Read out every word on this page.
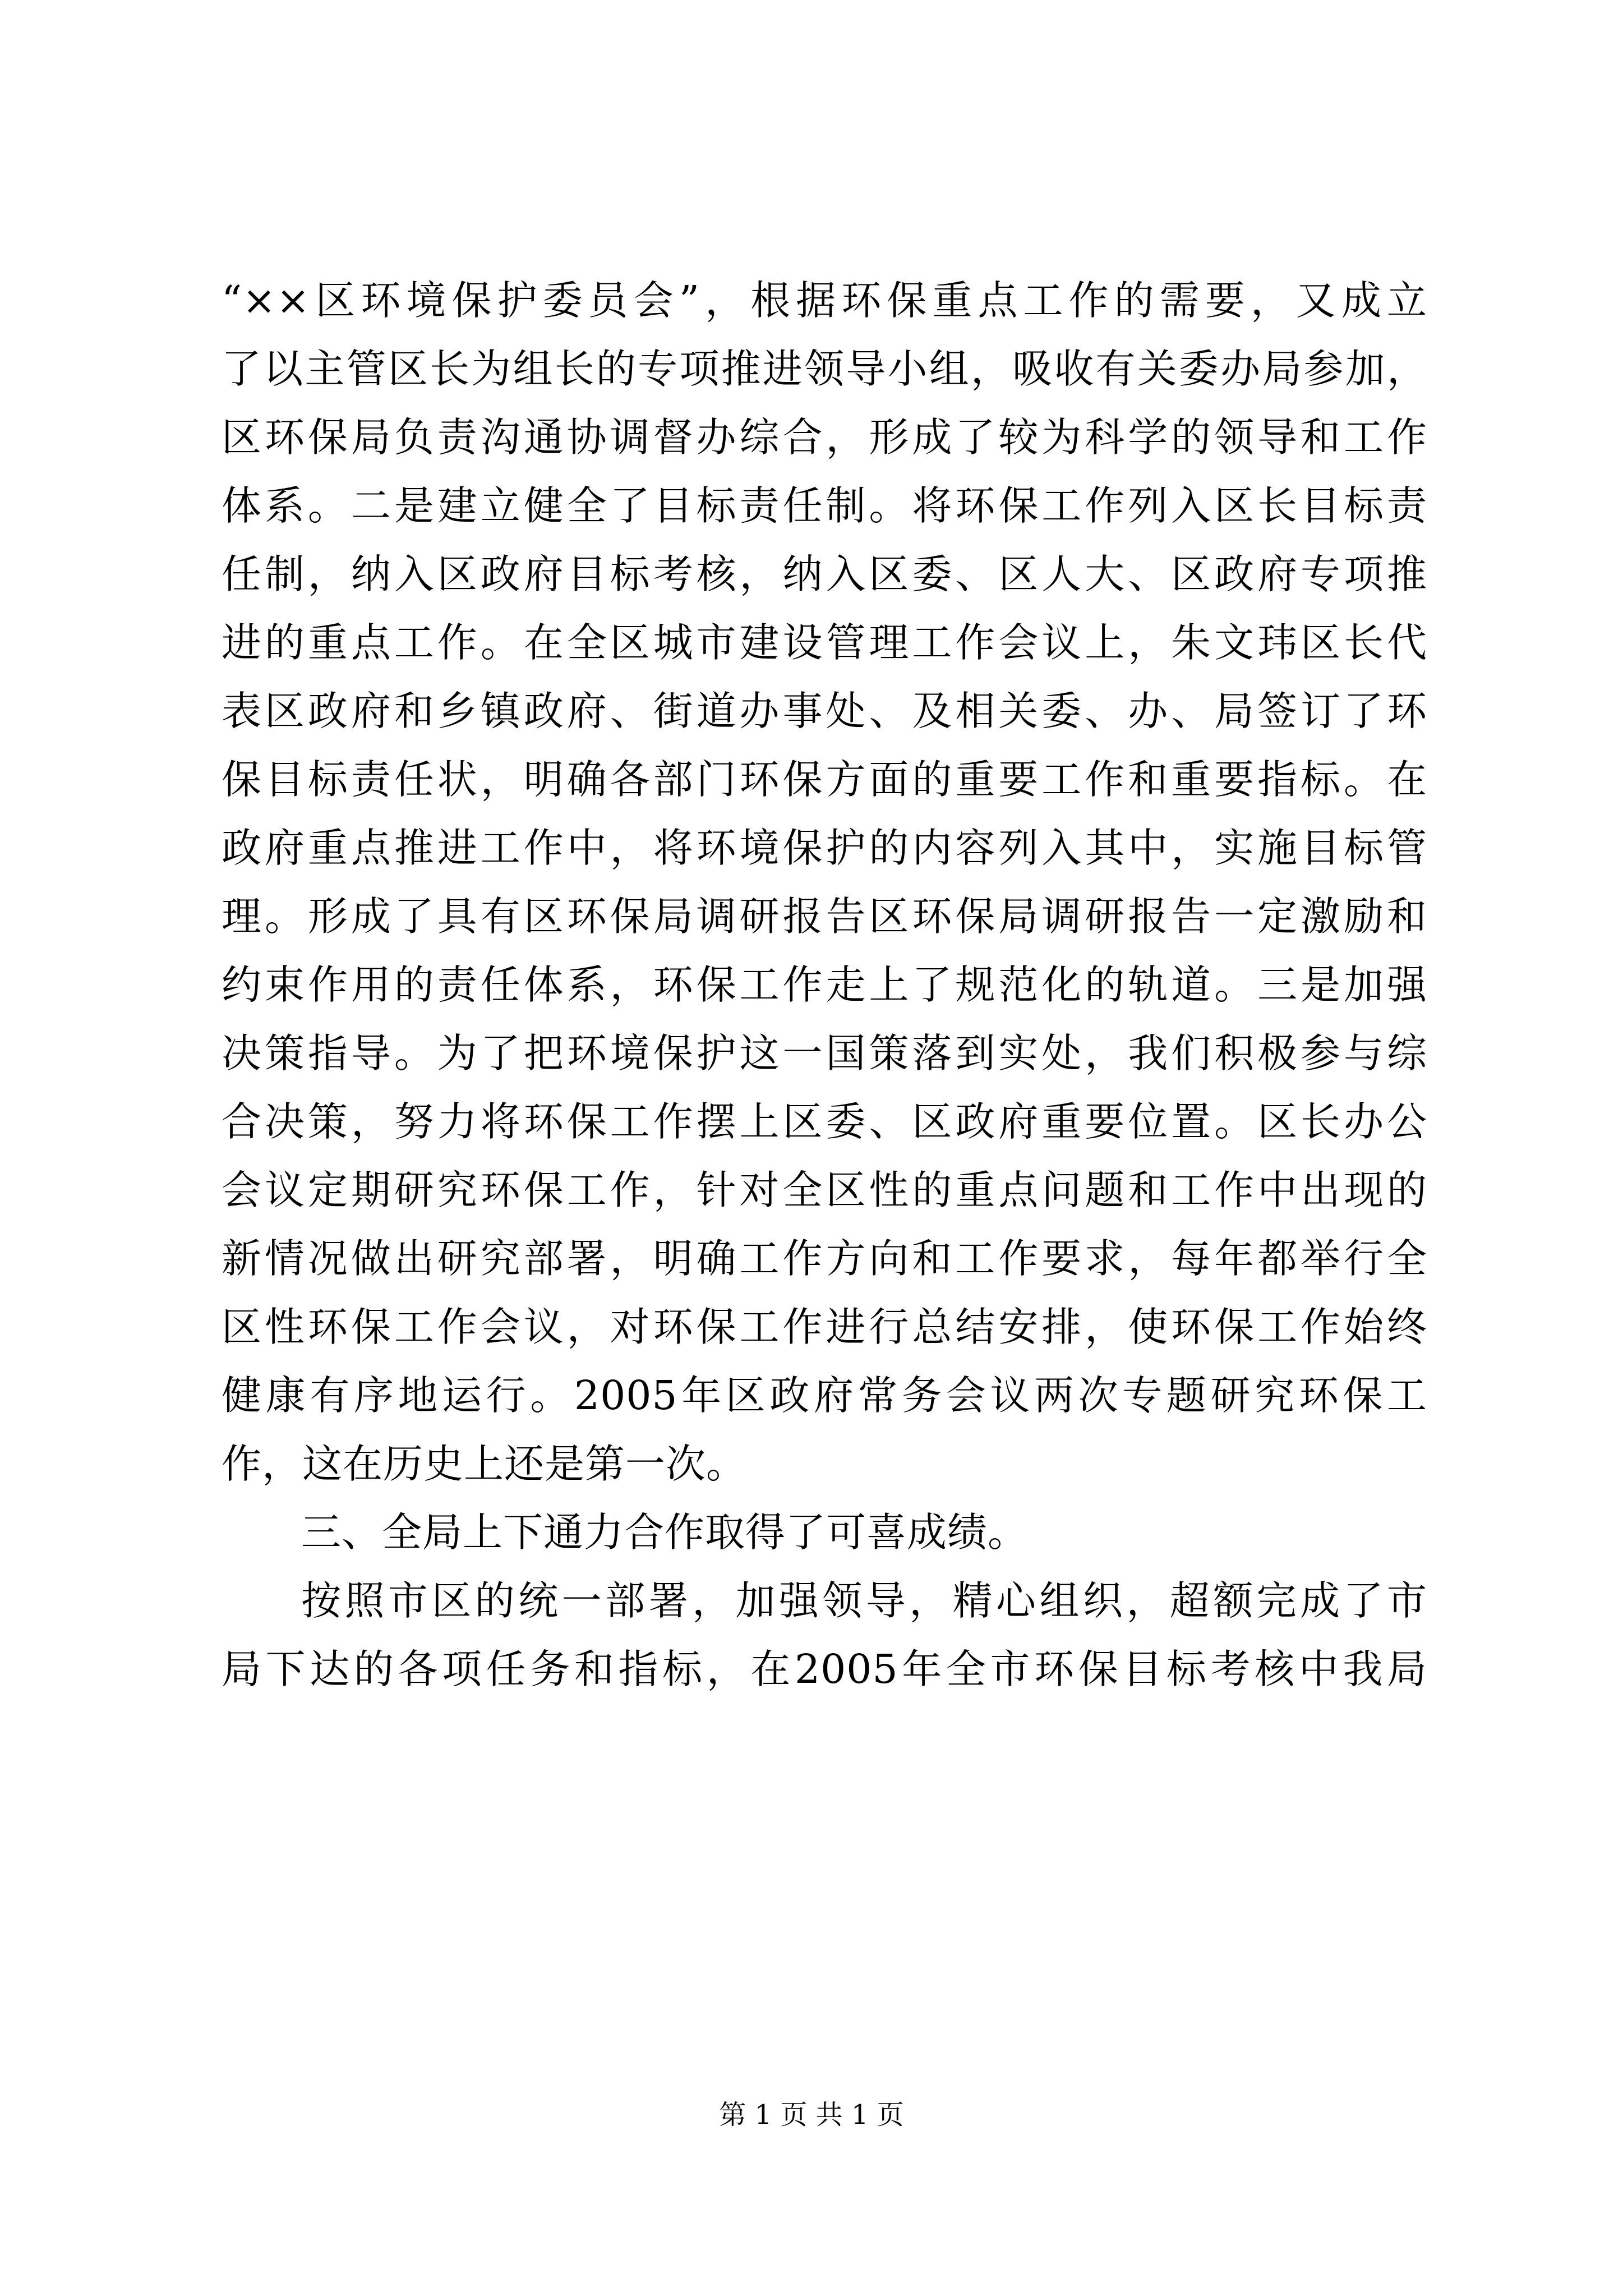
“××区环境保护委员会”，根据环保重点工作的需要，又成立
了以主管区长为组长的专项推进领导小组，吸收有关委办局参加，
区环保局负责沟通协调督办综合，形成了较为科学的领导和工作
体系。二是建立健全了目标责任制。将环保工作列入区长目标责
任制，纳入区政府目标考核，纳入区委、区人大、区政府专项推
进的重点工作。在全区城市建设管理工作会议上，朱文玮区长代
表区政府和乡镇政府、街道办事处、及相关委、办、局签订了环
保目标责任状，明确各部门环保方面的重要工作和重要指标。在
政府重点推进工作中，将环境保护的内容列入其中，实施目标管
理。形成了具有区环保局调研报告区环保局调研报告一定激励和
约束作用的责任体系，环保工作走上了规范化的轨道。三是加强
决策指导。为了把环境保护这一国策落到实处，我们积极参与综
合决策，努力将环保工作摆上区委、区政府重要位置。区长办公
会议定期研究环保工作，针对全区性的重点问题和工作中出现的
新情况做出研究部署，明确工作方向和工作要求，每年都举行全
区性环保工作会议，对环保工作进行总结安排，使环保工作始终
健康有序地运行。2005年区政府常务会议两次专题研究环保工
作，这在历史上还是第一次。
三、全局上下通力合作取得了可喜成绩。
按照市区的统一部署，加强领导，精心组织，超额完成了市
局下达的各项任务和指标，在2005年全市环保目标考核中我局
第 1 页 共 1 页
